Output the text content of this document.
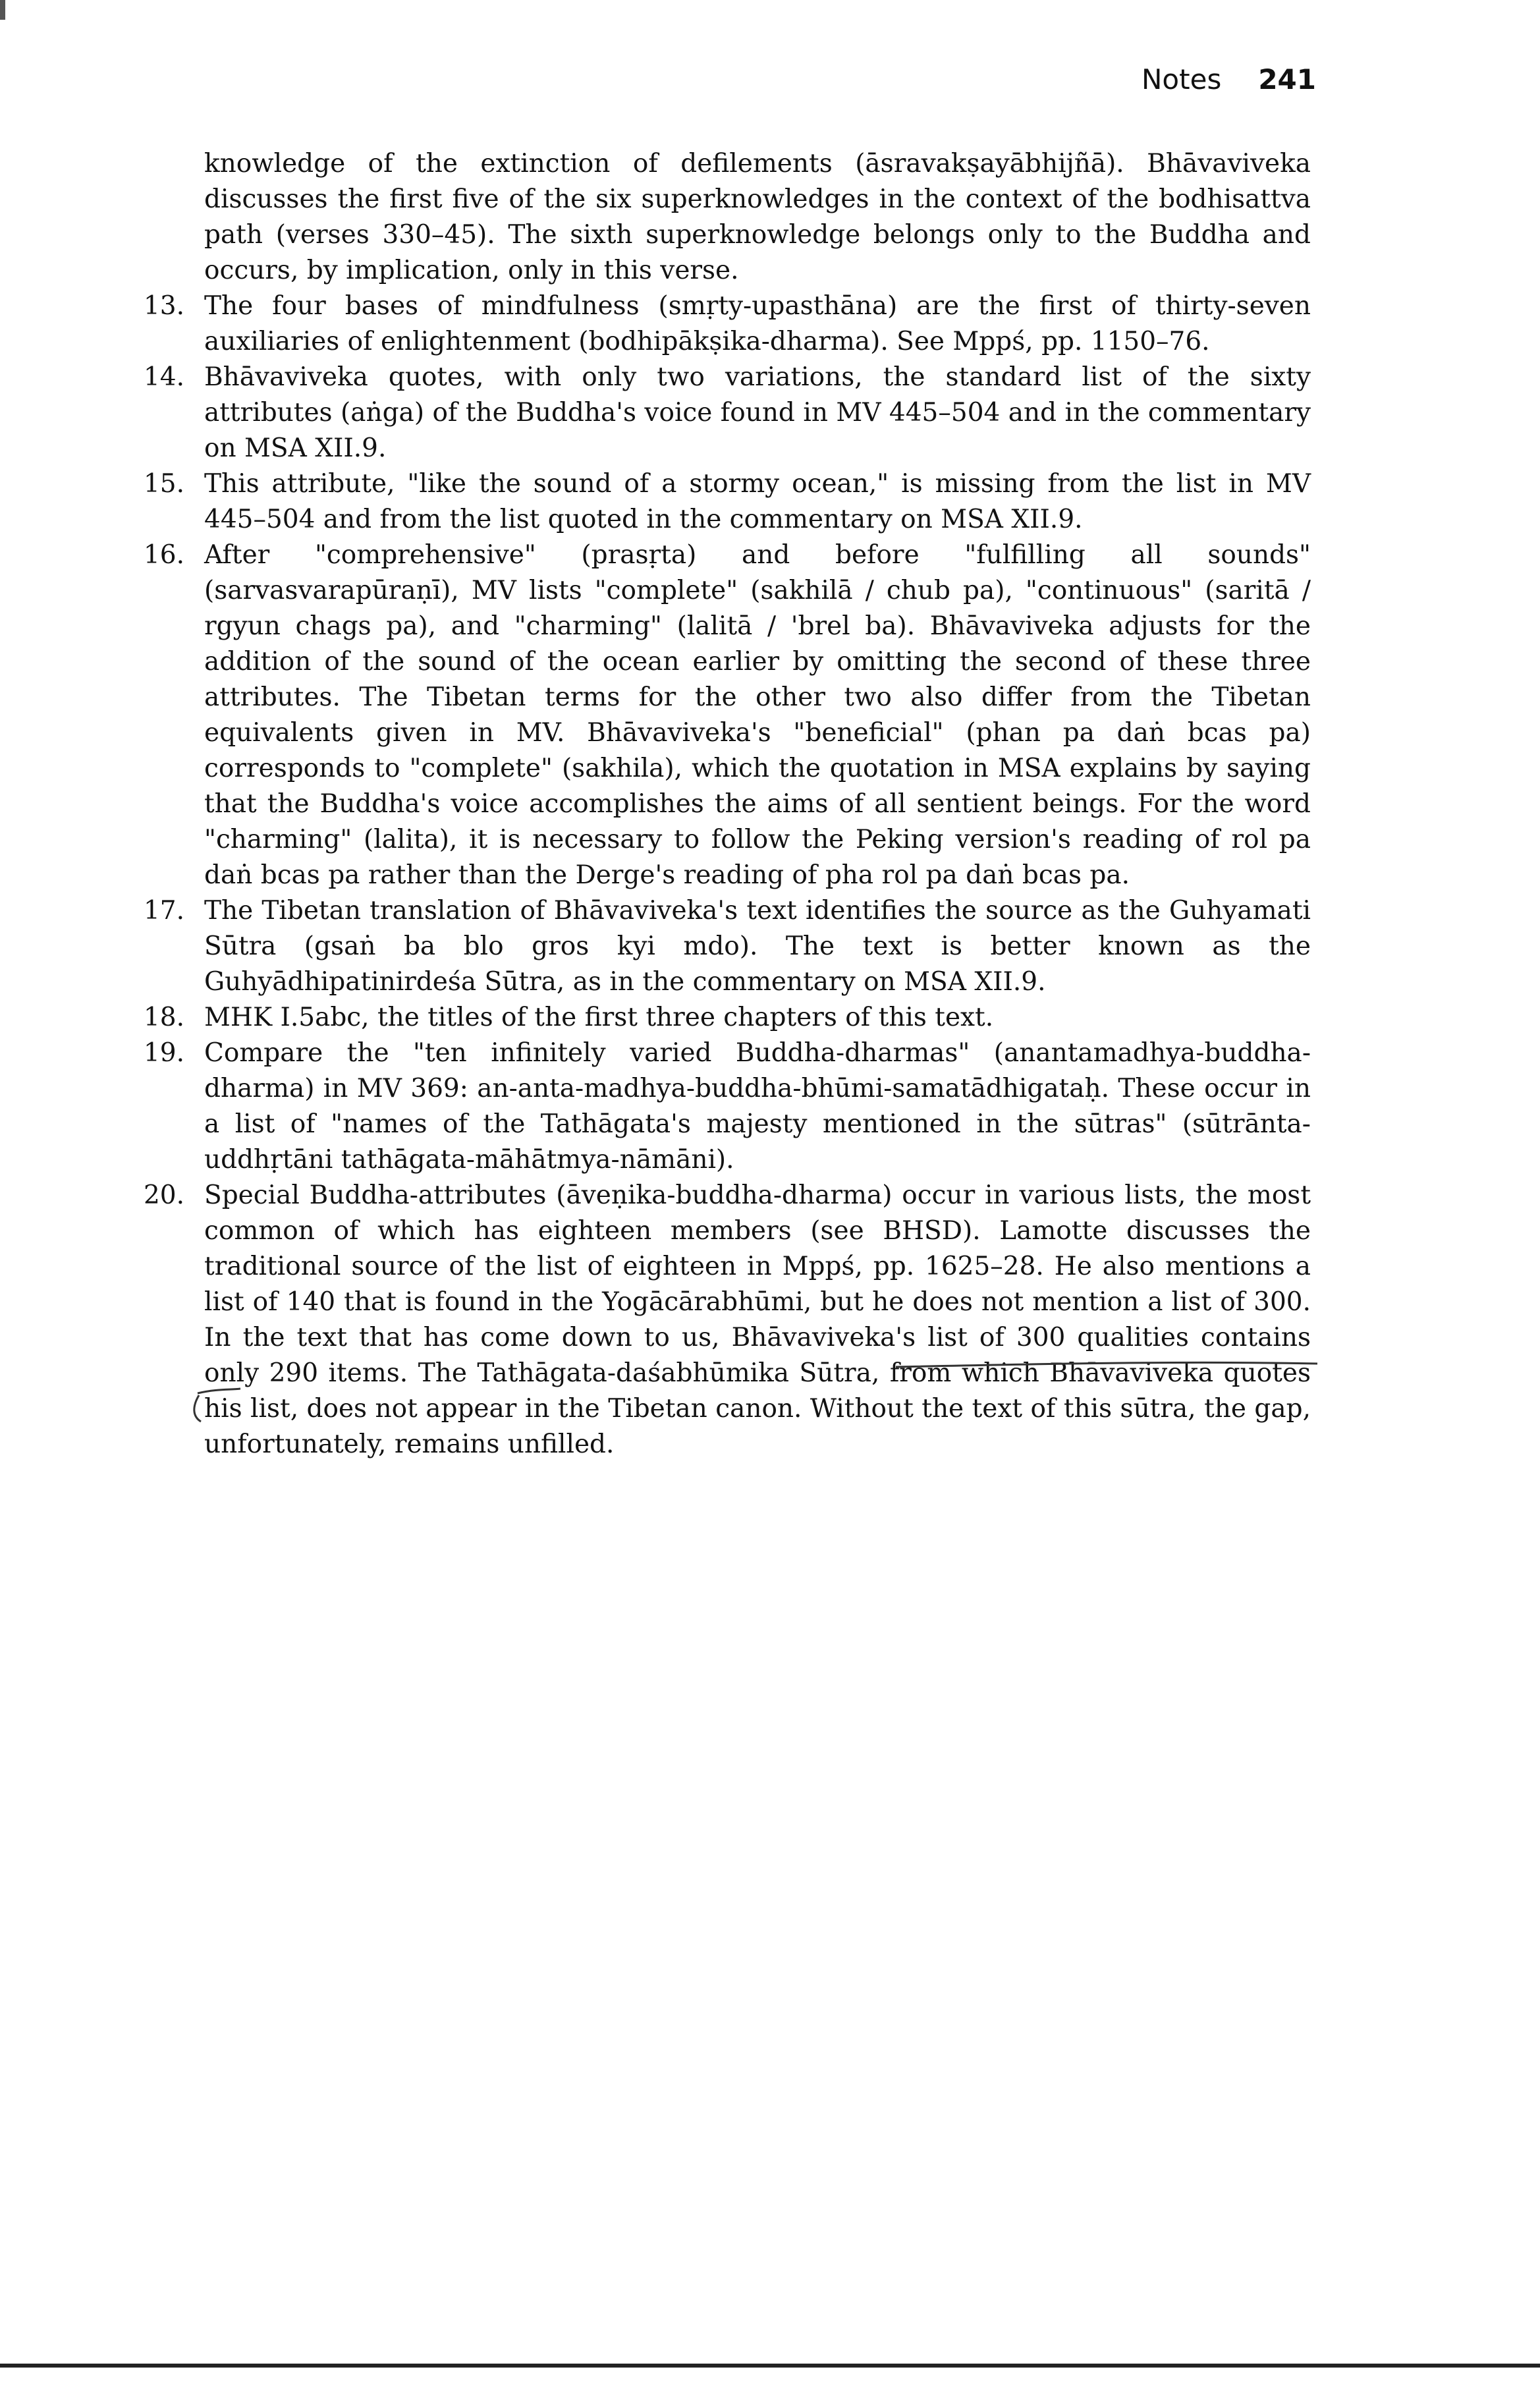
Notes 241

knowledge of the extinction of defilements (āsravakṣayābhijñā). Bhāvaviveka discusses the first five of the six superknowledges in the context of the bodhisattva path (verses 330–45). The sixth superknowledge belongs only to the Buddha and occurs, by implication, only in this verse.

13. The four bases of mindfulness (smṛty-upasthāna) are the first of thirty-seven auxiliaries of enlightenment (bodhipākṣika-dharma). See Mppś, pp. 1150–76.

14. Bhāvaviveka quotes, with only two variations, the standard list of the sixty attributes (aṅga) of the Buddha's voice found in MV 445–504 and in the commentary on MSA XII.9.

15. This attribute, "like the sound of a stormy ocean," is missing from the list in MV 445–504 and from the list quoted in the commentary on MSA XII.9.

16. After "comprehensive" (prasṛta) and before "fulfilling all sounds" (sarvasvarapūraṇī), MV lists "complete" (sakhilā / chub pa), "continuous" (saritā / rgyun chags pa), and "charming" (lalitā / 'brel ba). Bhāvaviveka adjusts for the addition of the sound of the ocean earlier by omitting the second of these three attributes. The Tibetan terms for the other two also differ from the Tibetan equivalents given in MV. Bhāvaviveka's "beneficial" (phan pa daṅ bcas pa) corresponds to "complete" (sakhila), which the quotation in MSA explains by saying that the Buddha's voice accomplishes the aims of all sentient beings. For the word "charming" (lalita), it is necessary to follow the Peking version's reading of rol pa daṅ bcas pa rather than the Derge's reading of pha rol pa daṅ bcas pa.

17. The Tibetan translation of Bhāvaviveka's text identifies the source as the Guhyamati Sūtra (gsaṅ ba blo gros kyi mdo). The text is better known as the Guhyādhipatinirdeśa Sūtra, as in the commentary on MSA XII.9.

18. MHK I.5abc, the titles of the first three chapters of this text.

19. Compare the "ten infinitely varied Buddha-dharmas" (anantamadhya-buddha-dharma) in MV 369: an-anta-madhya-buddha-bhūmi-samatādhigataḥ. These occur in a list of "names of the Tathāgata's majesty mentioned in the sūtras" (sūtrānta-uddhṛtāni tathāgata-māhātmya-nāmāni).

20. Special Buddha-attributes (āveṇika-buddha-dharma) occur in various lists, the most common of which has eighteen members (see BHSD). Lamotte discusses the traditional source of the list of eighteen in Mppś, pp. 1625–28. He also mentions a list of 140 that is found in the Yogācārabhūmi, but he does not mention a list of 300. In the text that has come down to us, Bhāvaviveka's list of 300 qualities contains only 290 items. The Tathāgata-daśabhūmika Sūtra, from which Bhāvaviveka quotes his list, does not appear in the Tibetan canon. Without the text of this sūtra, the gap, unfortunately, remains unfilled.
